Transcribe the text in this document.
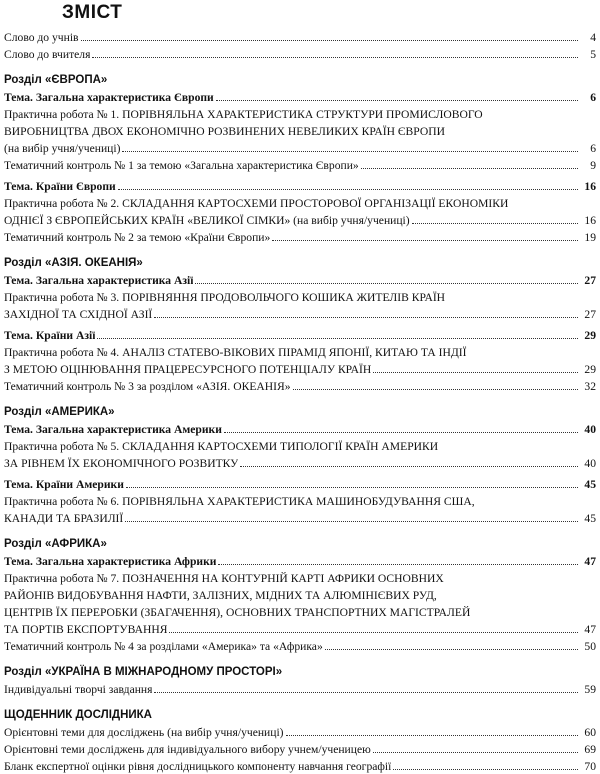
ЗМІСТ
Слово до учнів	4
Слово до вчителя	5
Розділ «ЄВРОПА»
Тема. Загальна характеристика Європи	6
Практична робота № 1. ПОРІВНЯЛЬНА ХАРАКТЕРИСТИКА СТРУКТУРИ ПРОМИСЛОВОГО
ВИРОБНИЦТВА ДВОХ ЕКОНОМІЧНО РОЗВИНЕНИХ НЕВЕЛИКИХ КРАЇН ЄВРОПИ
(на вибір учня/учениці)	6
Тематичний контроль № 1 за темою «Загальна характеристика Європи»	9
Тема. Країни Європи	16
Практична робота № 2. СКЛАДАННЯ КАРТОСХЕМИ ПРОСТОРОВОЇ ОРГАНІЗАЦІЇ ЕКОНОМІКИ
ОДНІЄЇ З ЄВРОПЕЙСЬКИХ КРАЇН «ВЕЛИКОЇ СІМКИ» (на вибір учня/учениці)	16
Тематичний контроль № 2 за темою «Країни Європи»	19
Розділ «АЗІЯ. ОКЕАНІЯ»
Тема. Загальна характеристика Азії	27
Практична робота № 3. ПОРІВНЯННЯ ПРОДОВОЛЬЧОГО КОШИКА ЖИТЕЛІВ КРАЇН
ЗАХІДНОЇ ТА СХІДНОЇ АЗІЇ	27
Тема. Країни Азії	29
Практична робота № 4. АНАЛІЗ СТАТЕВО-ВІКОВИХ ПІРАМІД ЯПОНІЇ, КИТАЮ ТА ІНДІЇ
З МЕТОЮ ОЦІНЮВАННЯ ПРАЦЕРЕСУРСНОГО ПОТЕНЦІАЛУ КРАЇН	29
Тематичний контроль № 3 за розділом «АЗІЯ. ОКЕАНІЯ»	32
Розділ «АМЕРИКА»
Тема. Загальна характеристика Америки	40
Практична робота № 5. СКЛАДАННЯ КАРТОСХЕМИ ТИПОЛОГІЇ КРАЇН АМЕРИКИ
ЗА РІВНЕМ ЇХ ЕКОНОМІЧНОГО РОЗВИТКУ	40
Тема. Країни Америки	45
Практична робота № 6. ПОРІВНЯЛЬНА ХАРАКТЕРИСТИКА МАШИНОБУДУВАННЯ США,
КАНАДИ ТА БРАЗИЛІЇ	45
Розділ «АФРИКА»
Тема. Загальна характеристика Африки	47
Практична робота № 7. ПОЗНАЧЕННЯ НА КОНТУРНІЙ КАРТІ АФРИКИ ОСНОВНИХ
РАЙОНІВ ВИДОБУВАННЯ НАФТИ, ЗАЛІЗНИХ, МІДНИХ ТА АЛЮМІНІЄВИХ РУД,
ЦЕНТРІВ ЇХ ПЕРЕРОБКИ (ЗБАГАЧЕННЯ), ОСНОВНИХ ТРАНСПОРТНИХ МАГІСТРАЛЕЙ
ТА ПОРТІВ ЕКСПОРТУВАННЯ	47
Тематичний контроль № 4 за розділами «Америка» та «Африка»	50
Розділ «УКРАЇНА В МІЖНАРОДНОМУ ПРОСТОРІ»
Індивідуальні творчі завдання	59
ЩОДЕННИК ДОСЛІДНИКА
Орієнтовні теми для досліджень (на вибір учня/учениці)	60
Орієнтовні теми досліджень для індивідуального вибору учнем/ученицею	69
Бланк експертної оцінки рівня дослідницького компоненту навчання географії	70
